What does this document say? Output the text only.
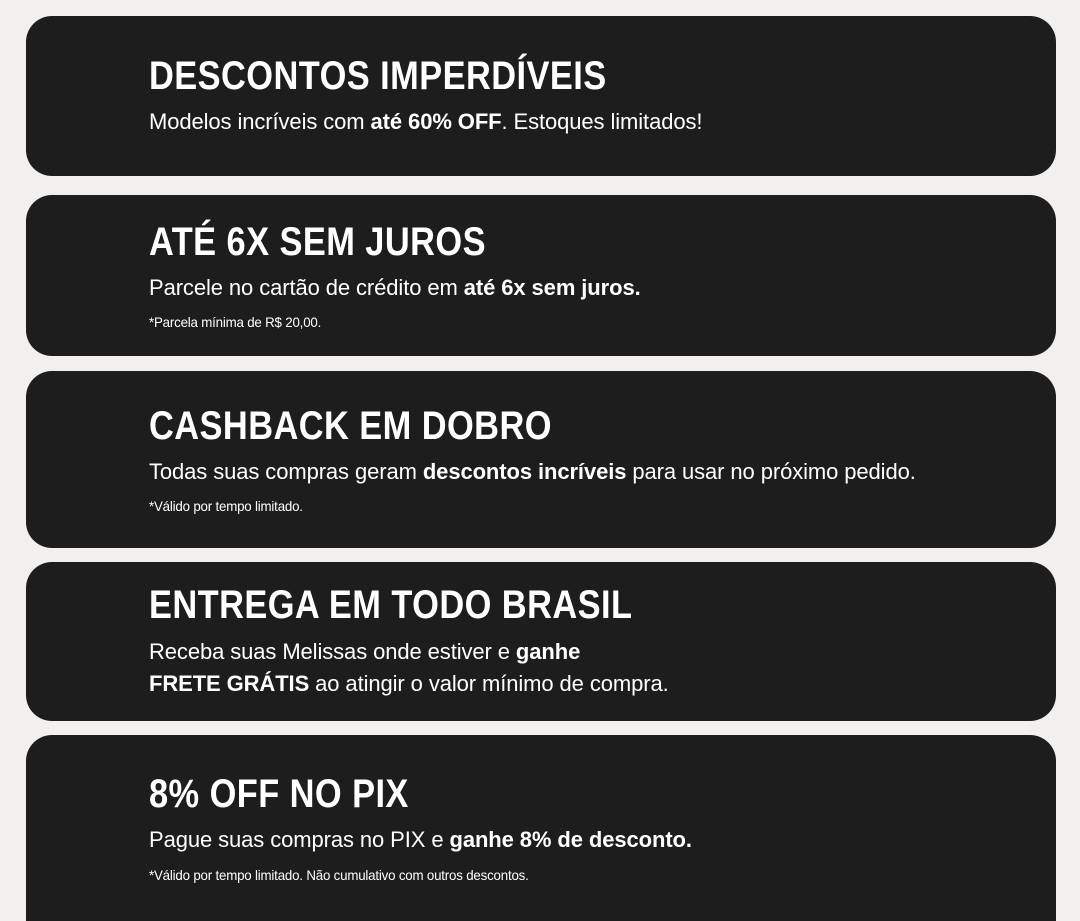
DESCONTOS IMPERDÍVEIS

Modelos incríveis com até 60% OFF. Estoques limitados!

ATÉ 6X SEM JUROS

Parcele no cartão de crédito em até 6x sem juros.

*Parcela mínima de R$ 20,00.

CASHBACK EM DOBRO

Todas suas compras geram descontos incríveis para usar no próximo pedido.

*Válido por tempo limitado.

ENTREGA EM TODO BRASIL

Receba suas Melissas onde estiver e ganhe
FRETE GRÁTIS ao atingir o valor mínimo de compra.

8% OFF NO PIX

Pague suas compras no PIX e ganhe 8% de desconto.

*Válido por tempo limitado. Não cumulativo com outros descontos.
